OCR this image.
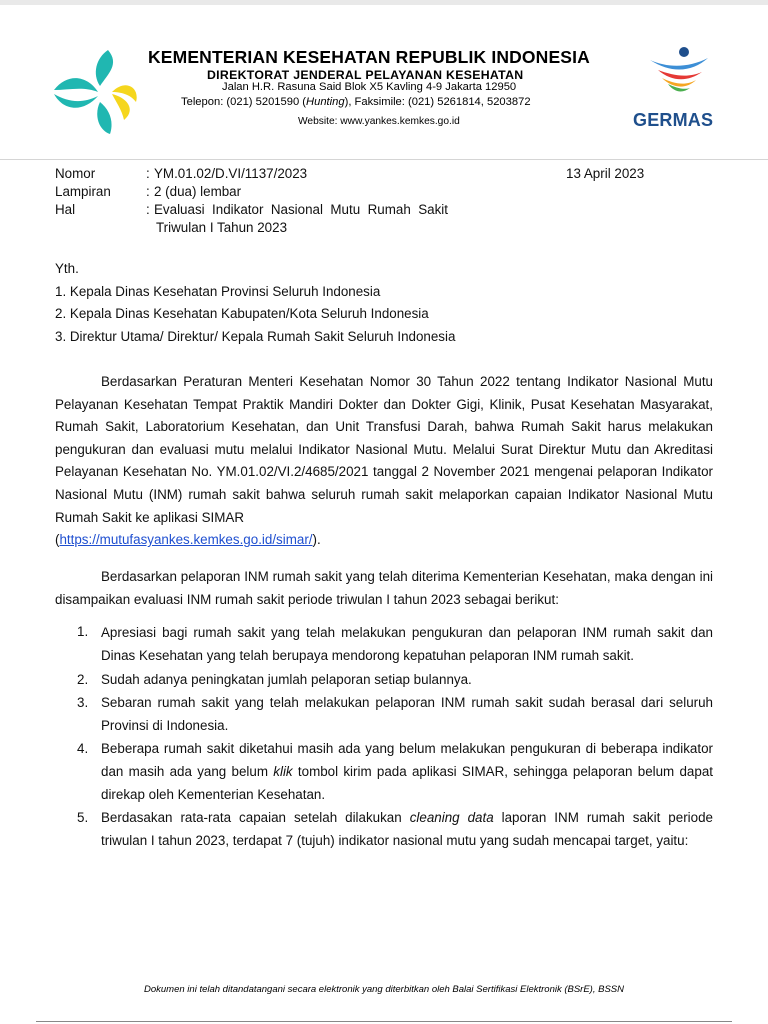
KEMENTERIAN KESEHATAN REPUBLIK INDONESIA
DIREKTORAT JENDERAL PELAYANAN KESEHATAN
Jalan H.R. Rasuna Said Blok X5 Kavling 4-9 Jakarta 12950
Telepon: (021) 5201590 (Hunting), Faksimile: (021) 5261814, 5203872
Website: www.yankes.kemkes.go.id	GERMAS
Nomor	: YM.01.02/D.VI/1137/2023	13 April 2023
Lampiran	: 2 (dua) lembar
Hal	: Evaluasi  Indikator  Nasional  Mutu  Rumah  Sakit
Triwulan I Tahun 2023
Yth.
1. Kepala Dinas Kesehatan Provinsi Seluruh Indonesia
2. Kepala Dinas Kesehatan Kabupaten/Kota Seluruh Indonesia
3. Direktur Utama/ Direktur/ Kepala Rumah Sakit Seluruh Indonesia
Berdasarkan Peraturan Menteri Kesehatan Nomor 30 Tahun 2022 tentang Indikator Nasional Mutu Pelayanan Kesehatan Tempat Praktik Mandiri Dokter dan Dokter Gigi, Klinik, Pusat Kesehatan Masyarakat, Rumah Sakit, Laboratorium Kesehatan, dan Unit Transfusi Darah, bahwa Rumah Sakit harus melakukan pengukuran dan evaluasi mutu melalui Indikator Nasional Mutu. Melalui Surat Direktur Mutu dan Akreditasi Pelayanan Kesehatan No. YM.01.02/VI.2/4685/2021 tanggal 2 November 2021 mengenai pelaporan Indikator Nasional Mutu (INM) rumah sakit bahwa seluruh rumah sakit melaporkan capaian Indikator Nasional Mutu Rumah Sakit ke aplikasi SIMAR
(https://mutufasyankes.kemkes.go.id/simar/).
Berdasarkan pelaporan INM rumah sakit yang telah diterima Kementerian Kesehatan, maka dengan ini disampaikan evaluasi INM rumah sakit periode triwulan I tahun 2023 sebagai berikut:
1. Apresiasi bagi rumah sakit yang telah melakukan pengukuran dan pelaporan INM rumah sakit dan Dinas Kesehatan yang telah berupaya mendorong kepatuhan pelaporan INM rumah sakit.
2. Sudah adanya peningkatan jumlah pelaporan setiap bulannya.
3. Sebaran rumah sakit yang telah melakukan pelaporan INM rumah sakit sudah berasal dari seluruh Provinsi di Indonesia.
4. Beberapa rumah sakit diketahui masih ada yang belum melakukan pengukuran di beberapa indikator dan masih ada yang belum klik tombol kirim pada aplikasi SIMAR, sehingga pelaporan belum dapat direkap oleh Kementerian Kesehatan.
5. Berdasakan rata-rata capaian setelah dilakukan cleaning data laporan INM rumah sakit periode triwulan I tahun 2023, terdapat 7 (tujuh) indikator nasional mutu yang sudah mencapai target, yaitu:
Dokumen ini telah ditandatangani secara elektronik yang diterbitkan oleh Balai Sertifikasi Elektronik (BSrE), BSSN
